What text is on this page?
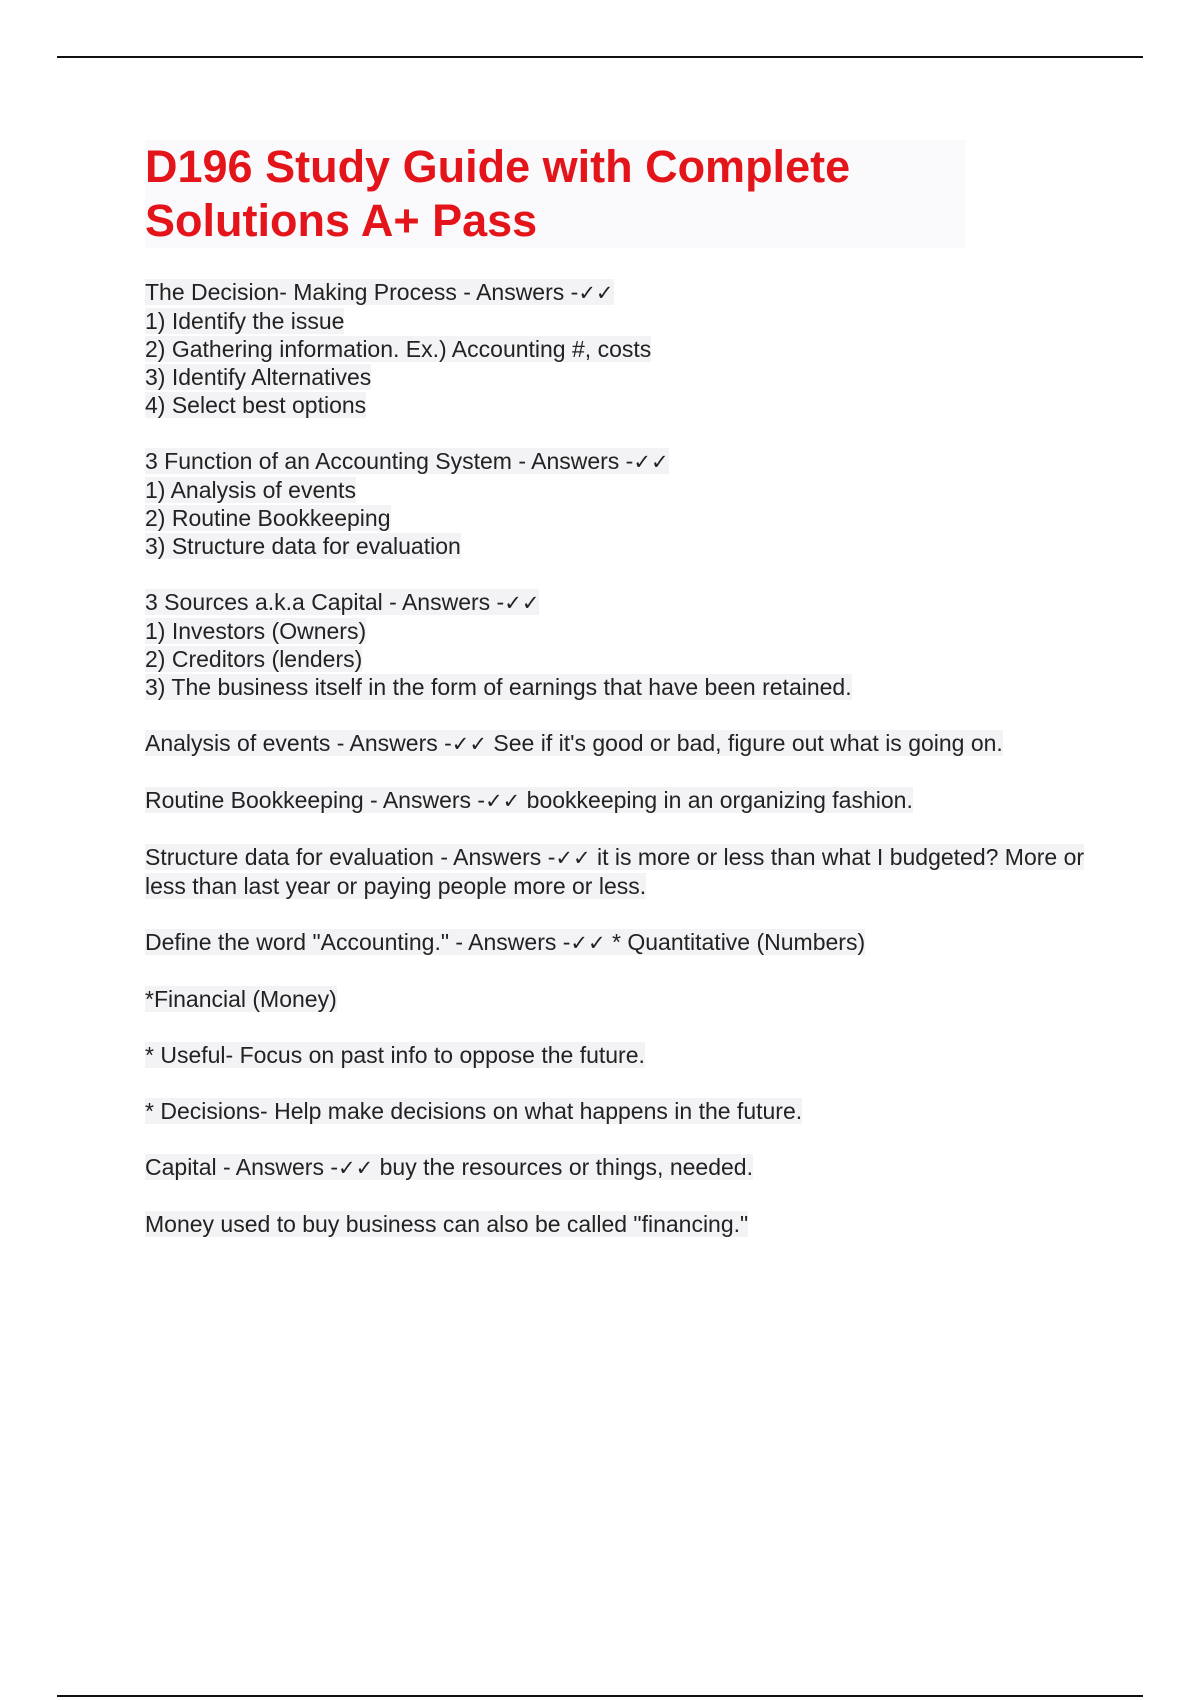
D196 Study Guide with Complete Solutions A+ Pass

The Decision- Making Process - Answers -✓✓

1) Identify the issue
2) Gathering information. Ex.) Accounting #, costs
3) Identify Alternatives
4) Select best options

3 Function of an Accounting System - Answers -✓✓

1) Analysis of events
2) Routine Bookkeeping
3) Structure data for evaluation

3 Sources a.k.a Capital - Answers -✓✓

1) Investors (Owners)
2) Creditors (lenders)
3) The business itself in the form of earnings that have been retained.

Analysis of events - Answers -✓✓ See if it's good or bad, figure out what is going on.

Routine Bookkeeping - Answers -✓✓ bookkeeping in an organizing fashion.

Structure data for evaluation - Answers -✓✓ it is more or less than what I budgeted? More or less than last year or paying people more or less.

Define the word "Accounting." - Answers -✓✓ * Quantitative (Numbers)

*Financial (Money)

* Useful- Focus on past info to oppose the future.

* Decisions- Help make decisions on what happens in the future.

Capital - Answers -✓✓ buy the resources or things, needed.

Money used to buy business can also be called "financing."
